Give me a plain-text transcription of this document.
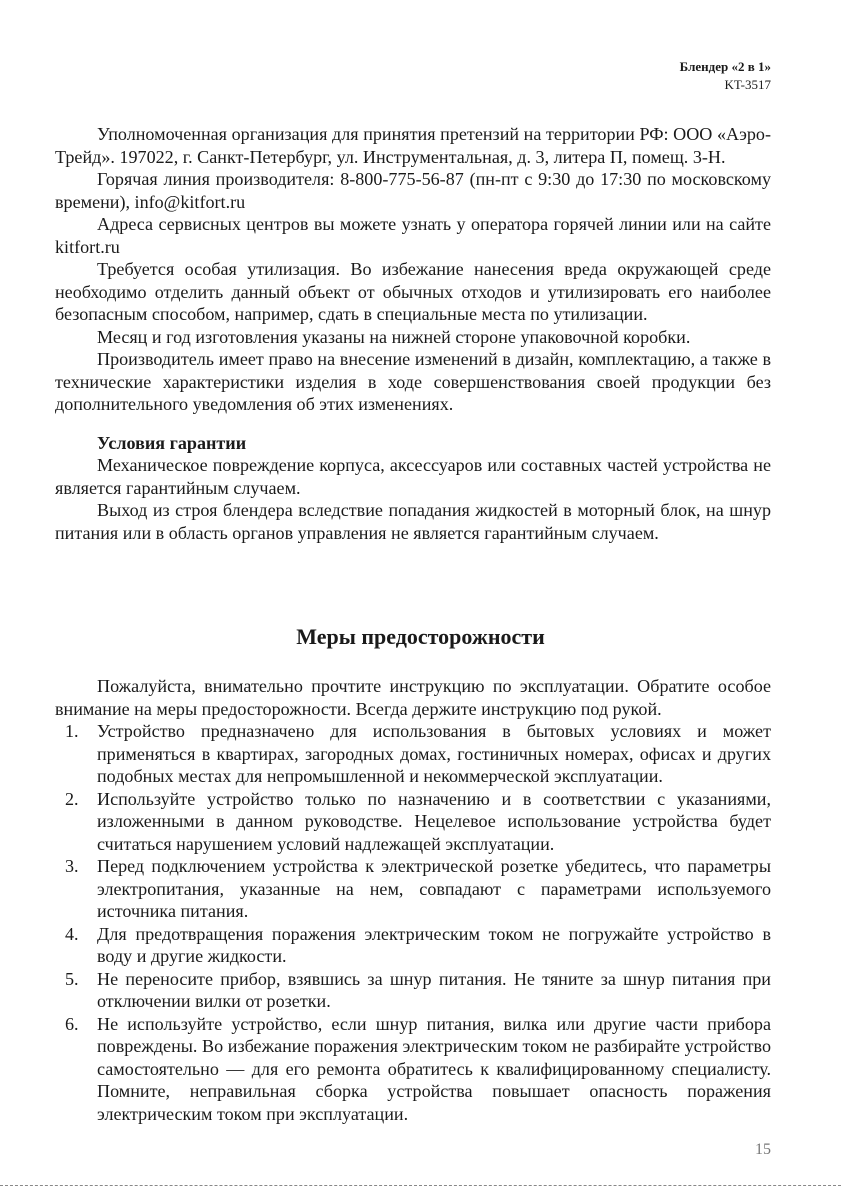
Блендер «2 в 1»
KT-3517

Уполномоченная организация для принятия претензий на территории РФ: ООО «Аэро-Трейд». 197022, г. Санкт-Петербург, ул. Инструментальная, д. 3, литера П, помещ. 3-Н.

Горячая линия производителя: 8-800-775-56-87 (пн-пт с 9:30 до 17:30 по московскому времени), info@kitfort.ru

Адреса сервисных центров вы можете узнать у оператора горячей линии или на сайте kitfort.ru

Требуется особая утилизация. Во избежание нанесения вреда окружающей среде необходимо отделить данный объект от обычных отходов и утилизировать его наиболее безопасным способом, например, сдать в специальные места по утилизации.

Месяц и год изготовления указаны на нижней стороне упаковочной коробки.

Производитель имеет право на внесение изменений в дизайн, комплектацию, а также в технические характеристики изделия в ходе совершенствования своей продукции без дополнительного уведомления об этих изменениях.

Условия гарантии

Механическое повреждение корпуса, аксессуаров или составных частей устройства не является гарантийным случаем.

Выход из строя блендера вследствие попадания жидкостей в моторный блок, на шнур питания или в область органов управления не является гарантийным случаем.

Меры предосторожности

Пожалуйста, внимательно прочтите инструкцию по эксплуатации. Обратите особое внимание на меры предосторожности. Всегда держите инструкцию под рукой.

1. Устройство предназначено для использования в бытовых условиях и может применяться в квартирах, загородных домах, гостиничных номерах, офисах и других подобных местах для непромышленной и некоммерческой эксплуатации.
2. Используйте устройство только по назначению и в соответствии с указаниями, изложенными в данном руководстве. Нецелевое использование устройства будет считаться нарушением условий надлежащей эксплуатации.
3. Перед подключением устройства к электрической розетке убедитесь, что параметры электропитания, указанные на нем, совпадают с параметрами используемого источника питания.
4. Для предотвращения поражения электрическим током не погружайте устройство в воду и другие жидкости.
5. Не переносите прибор, взявшись за шнур питания. Не тяните за шнур питания при отключении вилки от розетки.
6. Не используйте устройство, если шнур питания, вилка или другие части прибора повреждены. Во избежание поражения электрическим током не разбирайте устройство самостоятельно — для его ремонта обратитесь к квалифицированному специалисту. Помните, неправильная сборка устройства повышает опасность поражения электрическим током при эксплуатации.
15
